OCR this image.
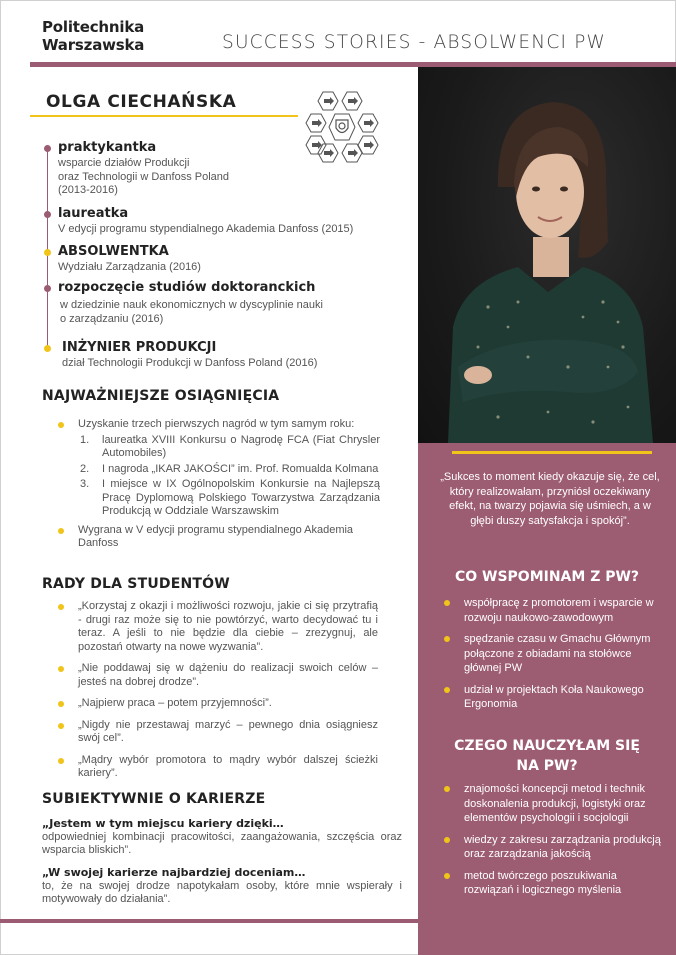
Politechnika
Warszawska	SUCCESS STORIES - ABSOLWENCI PW
OLGA CIECHAŃSKA
praktykantka
wsparcie działów Produkcji
oraz Technologii w Danfoss Poland
(2013-2016)
laureatka
V edycji programu stypendialnego Akademia Danfoss (2015)
ABSOLWENTKA
Wydziału Zarządzania (2016)
rozpoczęcie studiów doktoranckich
w dziedzinie nauk ekonomicznych w dyscyplinie nauki
o zarządzaniu (2016)
INŻYNIER PRODUKCJI
dział Technologii Produkcji w Danfoss Poland (2016)
NAJWAŻNIEJSZE OSIĄGNIĘCIA
Uzyskanie trzech pierwszych nagród w tym samym roku:
1. laureatka XVIII Konkursu o Nagrodę FCA (Fiat Chrysler Automobiles)
2. I nagroda „IKAR JAKOŚCI” im. Prof. Romualda Kolmana
3. I miejsce w IX Ogólnopolskim Konkursie na Najlepszą Pracę Dyplomową Polskiego Towarzystwa Zarządzania Produkcją w Oddziale Warszawskim
Wygrana w V edycji programu stypendialnego Akademia Danfoss
RADY DLA STUDENTÓW
„Korzystaj z okazji i możliwości rozwoju, jakie ci się przytrafią - drugi raz może się to nie powtórzyć, warto decydować tu i teraz. A jeśli to nie będzie dla ciebie – zrezygnuj, ale pozostań otwarty na nowe wyzwania”.
„Nie poddawaj się w dążeniu do realizacji swoich celów – jesteś na dobrej drodze”.
„Najpierw praca – potem przyjemności”.
„Nigdy nie przestawaj marzyć – pewnego dnia osiągniesz swój cel”.
„Mądry wybór promotora to mądry wybór dalszej ścieżki kariery”.
SUBIEKTYWNIE O KARIERZE
„Jestem w tym miejscu kariery dzięki…
odpowiedniej kombinacji pracowitości, zaangażowania, szczęścia oraz wsparcia bliskich”.
„W swojej karierze najbardziej doceniam…
to, że na swojej drodze napotykałam osoby, które mnie wspierały i motywowały do działania”.
„Sukces to moment kiedy okazuje się, że cel, który realizowałam, przyniósł oczekiwany efekt, na twarzy pojawia się uśmiech, a w głębi duszy satysfakcja i spokój”.
CO WSPOMINAM Z PW?
współpracę z promotorem i wsparcie w rozwoju naukowo-zawodowym
spędzanie czasu w Gmachu Głównym połączone z obiadami na stołówce głównej PW
udział w projektach Koła Naukowego Ergonomia
CZEGO NAUCZYŁAM SIĘ
NA PW?
znajomości koncepcji metod i technik doskonalenia produkcji, logistyki oraz elementów psychologii i socjologii
wiedzy z zakresu zarządzania produkcją oraz zarządzania jakością
metod twórczego poszukiwania rozwiązań i logicznego myślenia
